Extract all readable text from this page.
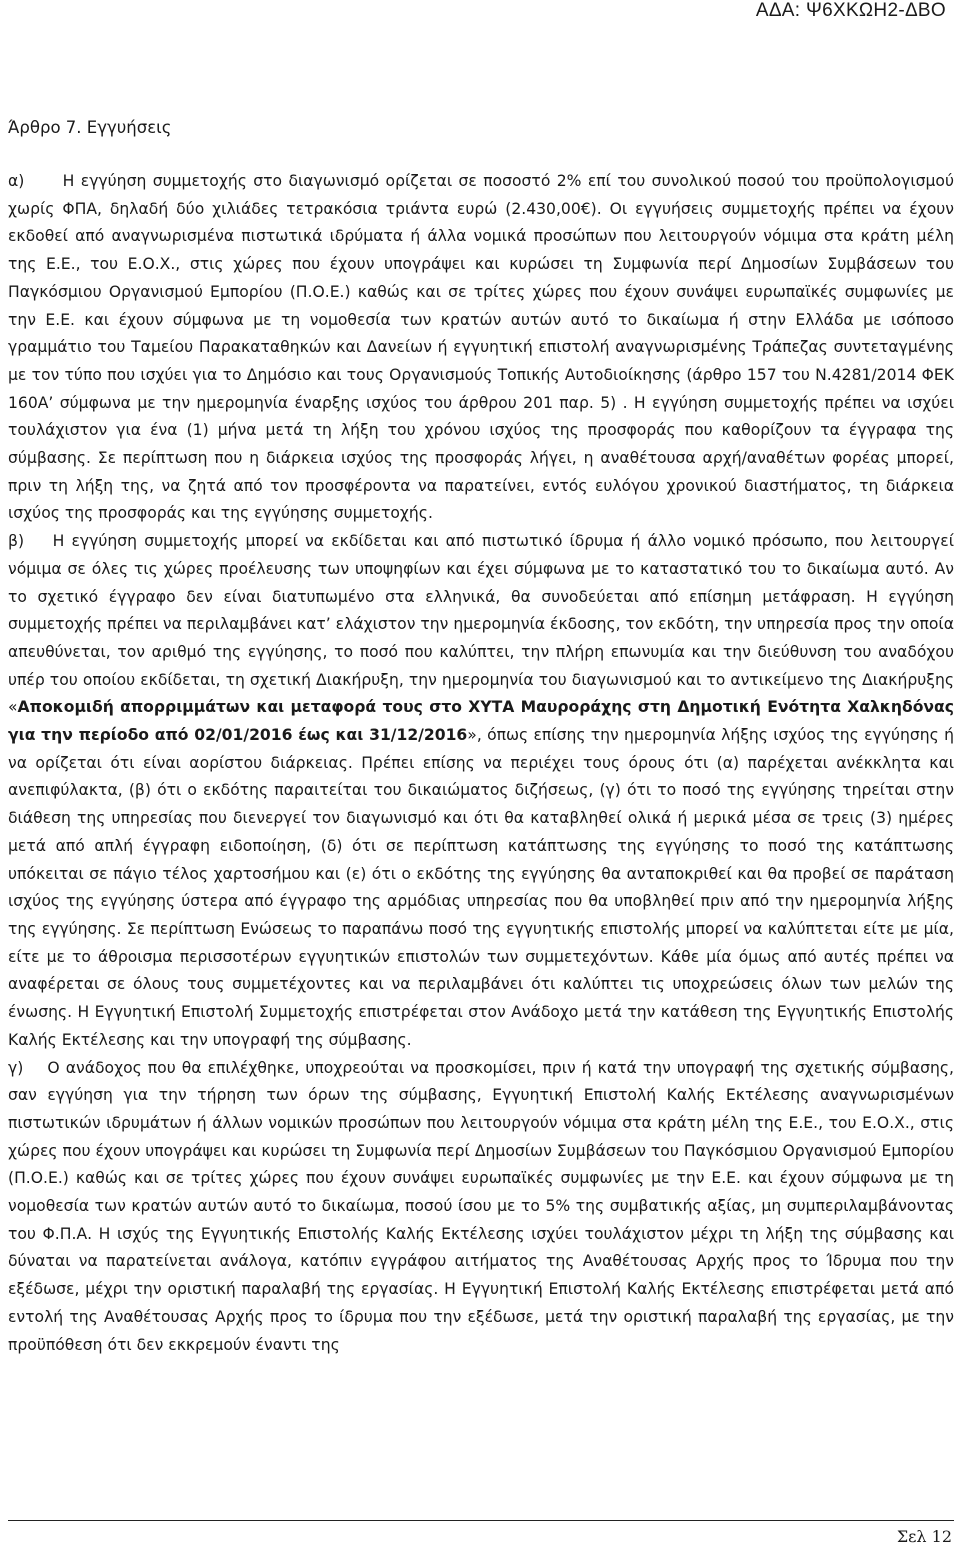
ΑΔΑ: Ψ6ΧΚΩΗ2-ΔΒΟ
Άρθρο 7. Εγγυήσεις

α)      Η εγγύηση συμμετοχής στο διαγωνισμό ορίζεται σε ποσοστό 2% επί του συνολικού ποσού του προϋπολογισμού χωρίς ΦΠΑ, δηλαδή δύο χιλιάδες τετρακόσια τριάντα ευρώ (2.430,00€). Οι εγγυήσεις συμμετοχής πρέπει να έχουν εκδοθεί από αναγνωρισμένα πιστωτικά ιδρύματα ή άλλα νομικά προσώπων που λειτουργούν νόμιμα στα κράτη μέλη της Ε.Ε., του Ε.Ο.Χ., στις χώρες που έχουν υπογράψει και κυρώσει τη Συμφωνία περί Δημοσίων Συμβάσεων του Παγκόσμιου Οργανισμού Εμπορίου (Π.Ο.Ε.) καθώς και σε τρίτες χώρες που έχουν συνάψει ευρωπαϊκές συμφωνίες με την Ε.Ε. και έχουν σύμφωνα με τη νομοθεσία των κρατών αυτών αυτό το δικαίωμα ή στην Ελλάδα με ισόποσο γραμμάτιο του Ταμείου Παρακαταθηκών και Δανείων ή εγγυητική επιστολή αναγνωρισμένης Τράπεζας συντεταγμένης με τον τύπο που ισχύει για το Δημόσιο και τους Οργανισμούς Τοπικής Αυτοδιοίκησης (άρθρο 157 του Ν.4281/2014 ΦΕΚ 160Α’ σύμφωνα με την ημερομηνία έναρξης ισχύος του άρθρου 201 παρ. 5) . Η εγγύηση συμμετοχής πρέπει να ισχύει τουλάχιστον για ένα (1) μήνα μετά τη λήξη του χρόνου ισχύος της προσφοράς που καθορίζουν τα έγγραφα της σύμβασης. Σε περίπτωση που η διάρκεια ισχύος της προσφοράς λήγει, η αναθέτουσα αρχή/αναθέτων φορέας μπορεί, πριν τη λήξη της, να ζητά από τον προσφέροντα να παρατείνει, εντός ευλόγου χρονικού διαστήματος, τη διάρκεια ισχύος της προσφοράς και της εγγύησης συμμετοχής.

β)    Η εγγύηση συμμετοχής μπορεί να εκδίδεται και από πιστωτικό ίδρυμα ή άλλο νομικό πρόσωπο, που λειτουργεί νόμιμα σε όλες τις χώρες προέλευσης των υποψηφίων και έχει σύμφωνα με το καταστατικό του το δικαίωμα αυτό. Αν το σχετικό έγγραφο δεν είναι διατυπωμένο στα ελληνικά, θα συνοδεύεται από επίσημη μετάφραση. Η εγγύηση συμμετοχής πρέπει να περιλαμβάνει κατ’ ελάχιστον την ημερομηνία έκδοσης, τον εκδότη, την υπηρεσία προς την οποία απευθύνεται, τον αριθμό της εγγύησης, το ποσό που καλύπτει, την πλήρη επωνυμία και την διεύθυνση του αναδόχου υπέρ του οποίου εκδίδεται, τη σχετική Διακήρυξη, την ημερομηνία του διαγωνισμού και το αντικείμενο της Διακήρυξης «Αποκομιδή απορριμμάτων και μεταφορά τους στο ΧΥΤΑ Μαυροράχης στη Δημοτική Ενότητα Χαλκηδόνας για την περίοδο από 02/01/2016 έως και 31/12/2016», όπως επίσης την ημερομηνία λήξης ισχύος της εγγύησης ή να ορίζεται ότι είναι αορίστου διάρκειας. Πρέπει επίσης να περιέχει τους όρους ότι (α) παρέχεται ανέκκλητα και ανεπιφύλακτα, (β) ότι ο εκδότης παραιτείται του δικαιώματος διζήσεως, (γ) ότι το ποσό της εγγύησης τηρείται στην διάθεση της υπηρεσίας που διενεργεί τον διαγωνισμό και ότι θα καταβληθεί ολικά ή μερικά μέσα σε τρεις (3) ημέρες μετά από απλή έγγραφη ειδοποίηση, (δ) ότι σε περίπτωση κατάπτωσης της εγγύησης το ποσό της κατάπτωσης υπόκειται σε πάγιο τέλος χαρτοσήμου και (ε) ότι ο εκδότης της εγγύησης θα ανταποκριθεί και θα προβεί σε παράταση ισχύος της εγγύησης ύστερα από έγγραφο της αρμόδιας υπηρεσίας που θα υποβληθεί πριν από την ημερομηνία λήξης της εγγύησης. Σε περίπτωση Ενώσεως το παραπάνω ποσό της εγγυητικής επιστολής μπορεί να καλύπτεται είτε με μία, είτε με το άθροισμα περισσοτέρων εγγυητικών επιστολών των συμμετεχόντων. Κάθε μία όμως από αυτές πρέπει να αναφέρεται σε όλους τους συμμετέχοντες και να περιλαμβάνει ότι καλύπτει τις υποχρεώσεις όλων των μελών της ένωσης. Η Εγγυητική Επιστολή Συμμετοχής επιστρέφεται στον Ανάδοχο μετά την κατάθεση της Εγγυητικής Επιστολής Καλής Εκτέλεσης και την υπογραφή της σύμβασης.

γ)    Ο ανάδοχος που θα επιλέχθηκε, υποχρεούται να προσκομίσει, πριν ή κατά την υπογραφή της σχετικής σύμβασης, σαν εγγύηση για την τήρηση των όρων της σύμβασης, Εγγυητική Επιστολή Καλής Εκτέλεσης αναγνωρισμένων πιστωτικών ιδρυμάτων ή άλλων νομικών προσώπων που λειτουργούν νόμιμα στα κράτη μέλη της Ε.Ε., του Ε.Ο.Χ., στις χώρες που έχουν υπογράψει και κυρώσει τη Συμφωνία περί Δημοσίων Συμβάσεων του Παγκόσμιου Οργανισμού Εμπορίου (Π.Ο.Ε.) καθώς και σε τρίτες χώρες που έχουν συνάψει ευρωπαϊκές συμφωνίες με την Ε.Ε. και έχουν σύμφωνα με τη νομοθεσία των κρατών αυτών αυτό το δικαίωμα, ποσού ίσου με το 5% της συμβατικής αξίας, μη συμπεριλαμβάνοντας του Φ.Π.Α. Η ισχύς της Εγγυητικής Επιστολής Καλής Εκτέλεσης ισχύει τουλάχιστον μέχρι τη λήξη της σύμβασης και δύναται να παρατείνεται ανάλογα, κατόπιν εγγράφου αιτήματος της Αναθέτουσας Αρχής προς το Ίδρυμα που την εξέδωσε, μέχρι την οριστική παραλαβή της εργασίας. Η Εγγυητική Επιστολή Καλής Εκτέλεσης επιστρέφεται μετά από εντολή της Αναθέτουσας Αρχής προς το ίδρυμα που την εξέδωσε, μετά την οριστική παραλαβή της εργασίας, με την προϋπόθεση ότι δεν εκκρεμούν έναντι της

Σελ 12
